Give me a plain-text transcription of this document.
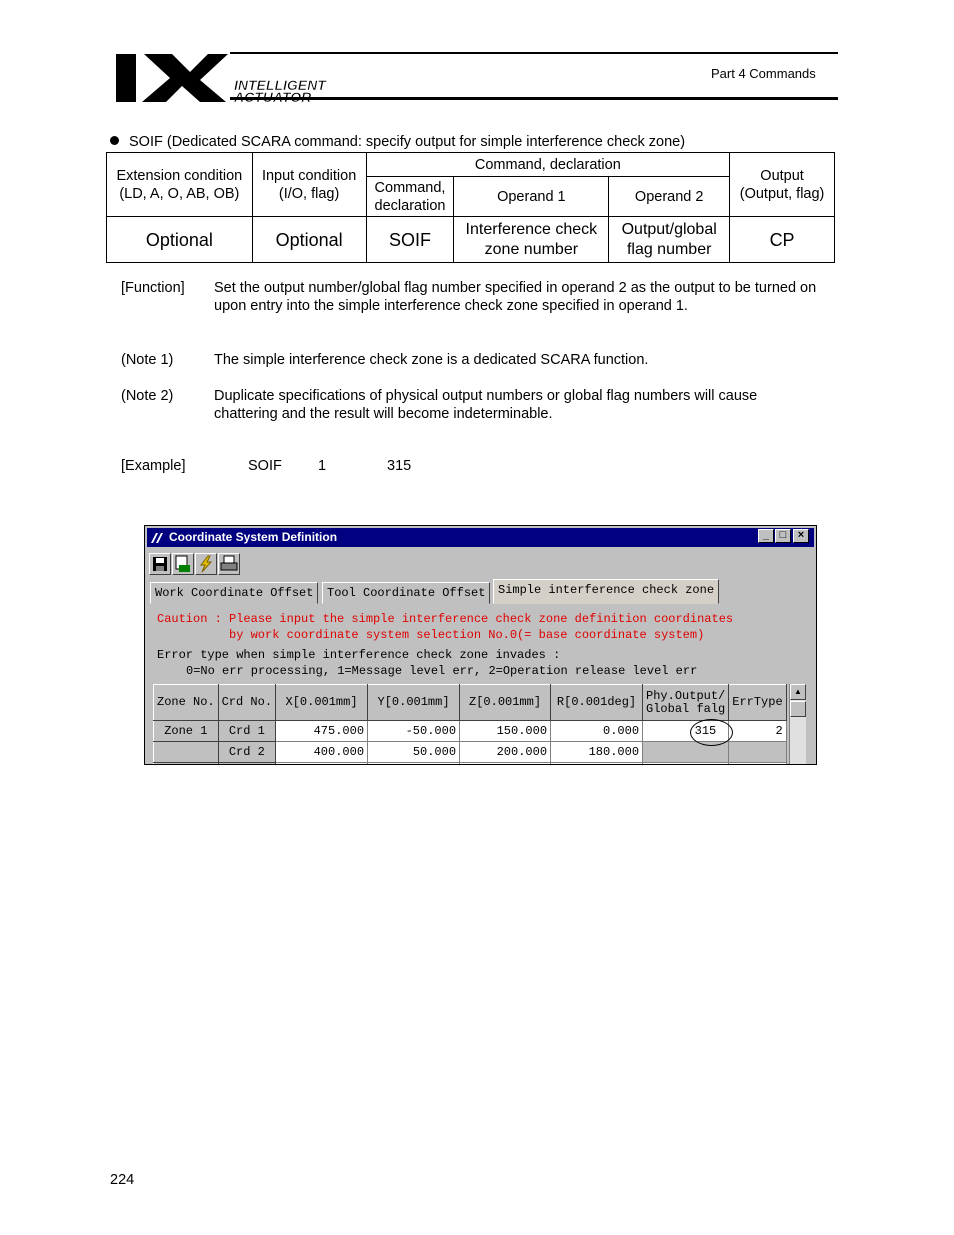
INTELLIGENT
Part 4 Commands
SOIF (Dedicated SCARA command: specify output for simple interference check zone)
Extension condition (LD, A, O, AB, OB)	Input condition (I/O, flag)	Command, declaration			Output (Output, flag)
		Command, declaration	Operand 1	Operand 2	
Optional	Optional	SOIF	Interference check zone number	Output/global flag number	CP
[Function] Set the output number/global flag number specified in operand 2 as the output to be turned on upon entry into the simple interference check zone specified in operand 1.
(Note 1)	The simple interference check zone is a dedicated SCARA function.
(Note 2)	Duplicate specifications of physical output numbers or global flag numbers will cause chattering and the result will become indeterminable.
[Example]	SOIF 1	315
Coordinate System Definition	_ □	×
Work Coordinate Offset	Tool Coordinate Offset	Simple interference check zone
Caution : Please input the simple interference check zone definition coordinates
by work coordinate system selection No.0(= base coordinate system)
Error type when simple interference check zone invades :
0=No err processing, 1=Message level err, 2=Operation release level err
Zone No.	Crd No.	X[0.001mm]	Y[0.001mm]	Z[0.001mm]	R[0.001deg]	Phy.Output/
Global falg	ErrType
Zone 1	Crd 1	475.000	-50.000	150.000	0.000	315	2
	Crd 2	400.000	50.000	200.000	180.000		

▲
224
